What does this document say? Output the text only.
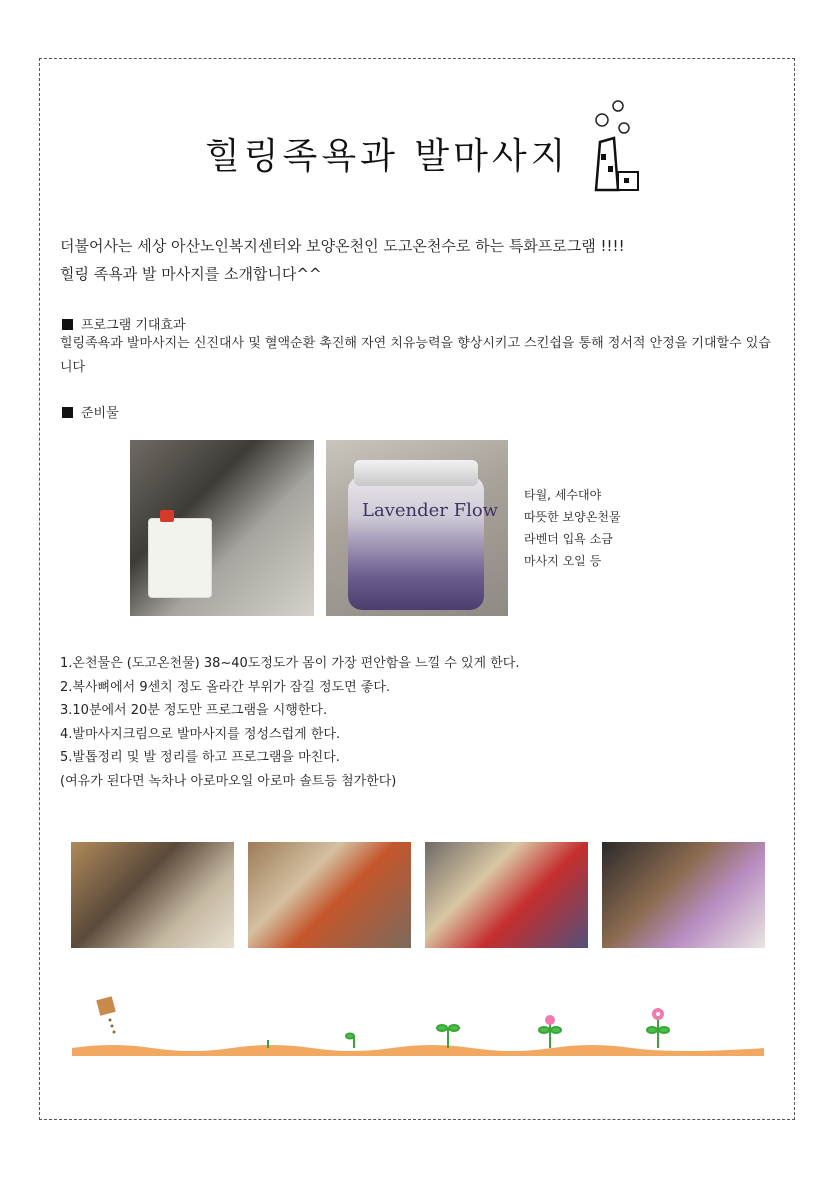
힐링족욕과 발마사지
더불어사는 세상 아산노인복지센터와 보양온천인 도고온천수로 하는 특화프로그램 !!!!
힐링 족욕과 발 마사지를 소개합니다^^
프로그램 기대효과
힐링족욕과 발마사지는 신진대사 및 혈액순환 촉진해 자연 치유능력을 향상시키고 스킨쉽을 통해 정서적 안정을 기대할수 있습니다
준비물
Lavender Flow
타월, 세수대야
따뜻한 보양온천물
라벤더 입욕 소금
마사지 오일 등
1.온천물은 (도고온천물) 38~40도정도가 몸이 가장 편안함을 느낄 수 있게 한다.
2.복사뼈에서 9센치 정도 올라간 부위가 잠길 정도면 좋다.
3.10분에서 20분 정도만 프로그램을 시행한다.
4.발마사지크림으로 발마사지를 정성스럽게 한다.
5.발톱정리 및 발 정리를 하고 프로그램을 마친다.
(여유가 된다면 녹차나 아로마오일 아로마 솔트등 첨가한다)
